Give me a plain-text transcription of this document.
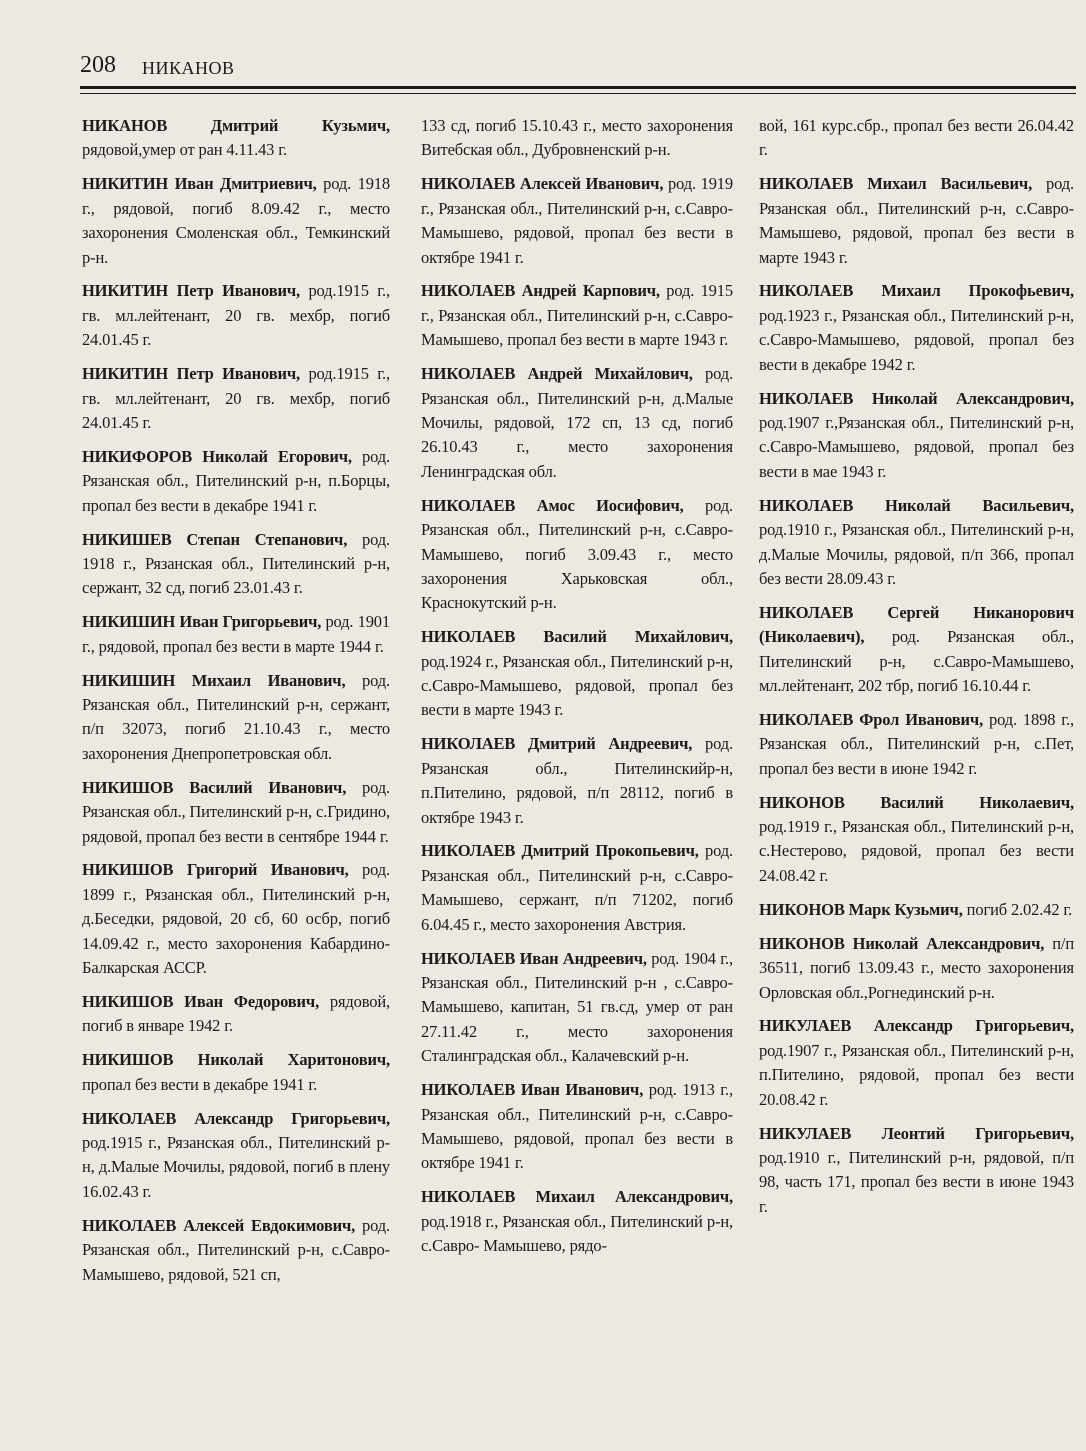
208 НИКАНОВ

НИКАНОВ Дмитрий Кузьмич, рядовой,умер от ран 4.11.43 г.

НИКИТИН Иван Дмитриевич, род. 1918 г., рядовой, погиб 8.09.42 г., место захоронения Смоленская обл., Темкинский р-н.

НИКИТИН Петр Иванович, род.1915 г., гв. мл.лейтенант, 20 гв. мехбр, погиб 24.01.45 г.

НИКИТИН Петр Иванович, род.1915 г., гв. мл.лейтенант, 20 гв. мехбр, погиб 24.01.45 г.

НИКИФОРОВ Николай Егорович, род. Рязанская обл., Пителинский р-н, п.Борцы, пропал без вести в декабре 1941 г.

НИКИШЕВ Степан Степанович, род. 1918 г., Рязанская обл., Пителинский р-н, сержант, 32 сд, погиб 23.01.43 г.

НИКИШИН Иван Григорьевич, род. 1901 г., рядовой, пропал без вести в марте 1944 г.

НИКИШИН Михаил Иванович, род. Рязанская обл., Пителинский р-н, сержант, п/п 32073, погиб 21.10.43 г., место захоронения Днепропетровская обл.

НИКИШОВ Василий Иванович, род. Рязанская обл., Пителинский р-н, с.Гридино, рядовой, пропал без вести в сентябре 1944 г.

НИКИШОВ Григорий Иванович, род. 1899 г., Рязанская обл., Пителинский р-н, д.Беседки, рядовой, 20 сб, 60 осбр, погиб 14.09.42 г., место захоронения Кабардино-Балкарская АССР.

НИКИШОВ Иван Федорович, рядовой, погиб в январе 1942 г.

НИКИШОВ Николай Харитонович, пропал без вести в декабре 1941 г.

НИКОЛАЕВ Александр Григорьевич, род.1915 г., Рязанская обл., Пителинский р-н, д.Малые Мочилы, рядовой, погиб в плену 16.02.43 г.

НИКОЛАЕВ Алексей Евдокимович, род. Рязанская обл., Пителинский р-н, с.Савро-Мамышево, рядовой, 521 сп,

133 сд, погиб 15.10.43 г., место захоронения Витебская обл., Дубровненский р-н.

НИКОЛАЕВ Алексей Иванович, род. 1919 г., Рязанская обл., Пителинский р-н, с.Савро-Мамышево, рядовой, пропал без вести в октябре 1941 г.

НИКОЛАЕВ Андрей Карпович, род. 1915 г., Рязанская обл., Пителинский р-н, с.Савро-Мамышево, пропал без вести в марте 1943 г.

НИКОЛАЕВ Андрей Михайлович, род. Рязанская обл., Пителинский р-н, д.Малые Мочилы, рядовой, 172 сп, 13 сд, погиб 26.10.43 г., место захоронения Ленинградская обл.

НИКОЛАЕВ Амос Иосифович, род. Рязанская обл., Пителинский р-н, с.Савро-Мамышево, погиб 3.09.43 г., место захоронения Харьковская обл., Краснокутский р-н.

НИКОЛАЕВ Василий Михайлович, род.1924 г., Рязанская обл., Пителинский р-н, с.Савро-Мамышево, рядовой, пропал без вести в марте 1943 г.

НИКОЛАЕВ Дмитрий Андреевич, род. Рязанская обл., Пителинскийр-н, п.Пителино, рядовой, п/п 28112, погиб в октябре 1943 г.

НИКОЛАЕВ Дмитрий Прокопьевич, род. Рязанская обл., Пителинский р-н, с.Савро-Мамышево, сержант, п/п 71202, погиб 6.04.45 г., место захоронения Австрия.

НИКОЛАЕВ Иван Андреевич, род. 1904 г., Рязанская обл., Пителинский р-н , с.Савро-Мамышево, капитан, 51 гв.сд, умер от ран 27.11.42 г., место захоронения Сталинградская обл., Калачевский р-н.

НИКОЛАЕВ Иван Иванович, род. 1913 г., Рязанская обл., Пителинский р-н, с.Савро-Мамышево, рядовой, пропал без вести в октябре 1941 г.

НИКОЛАЕВ Михаил Александрович, род.1918 г., Рязанская обл., Пителинский р-н, с.Савро- Мамышево, рядо-

вой, 161 курс.сбр., пропал без вести 26.04.42 г.

НИКОЛАЕВ Михаил Васильевич, род. Рязанская обл., Пителинский р-н, с.Савро-Мамышево, рядовой, пропал без вести в марте 1943 г.

НИКОЛАЕВ Михаил Прокофьевич, род.1923 г., Рязанская обл., Пителинский р-н, с.Савро-Мамышево, рядовой, пропал без вести в декабре 1942 г.

НИКОЛАЕВ Николай Александрович, род.1907 г.,Рязанская обл., Пителинский р-н, с.Савро-Мамышево, рядовой, пропал без вести в мае 1943 г.

НИКОЛАЕВ Николай Васильевич, род.1910 г., Рязанская обл., Пителинский р-н, д.Малые Мочилы, рядовой, п/п 366, пропал без вести 28.09.43 г.

НИКОЛАЕВ Сергей Никанорович (Николаевич), род. Рязанская обл., Пителинский р-н, с.Савро-Мамышево, мл.лейтенант, 202 тбр, погиб 16.10.44 г.

НИКОЛАЕВ Фрол Иванович, род. 1898 г., Рязанская обл., Пителинский р-н, с.Пет, пропал без вести в июне 1942 г.

НИКОНОВ Василий Николаевич, род.1919 г., Рязанская обл., Пителинский р-н, с.Нестерово, рядовой, пропал без вести 24.08.42 г.

НИКОНОВ Марк Кузьмич, погиб 2.02.42 г.

НИКОНОВ Николай Александрович, п/п 36511, погиб 13.09.43 г., место захоронения Орловская обл.,Рогнединский р-н.

НИКУЛАЕВ Александр Григорьевич, род.1907 г., Рязанская обл., Пителинский р-н, п.Пителино, рядовой, пропал без вести 20.08.42 г.

НИКУЛАЕВ Леонтий Григорьевич, род.1910 г., Пителинский р-н, рядовой, п/п 98, часть 171, пропал без вести в июне 1943 г.
